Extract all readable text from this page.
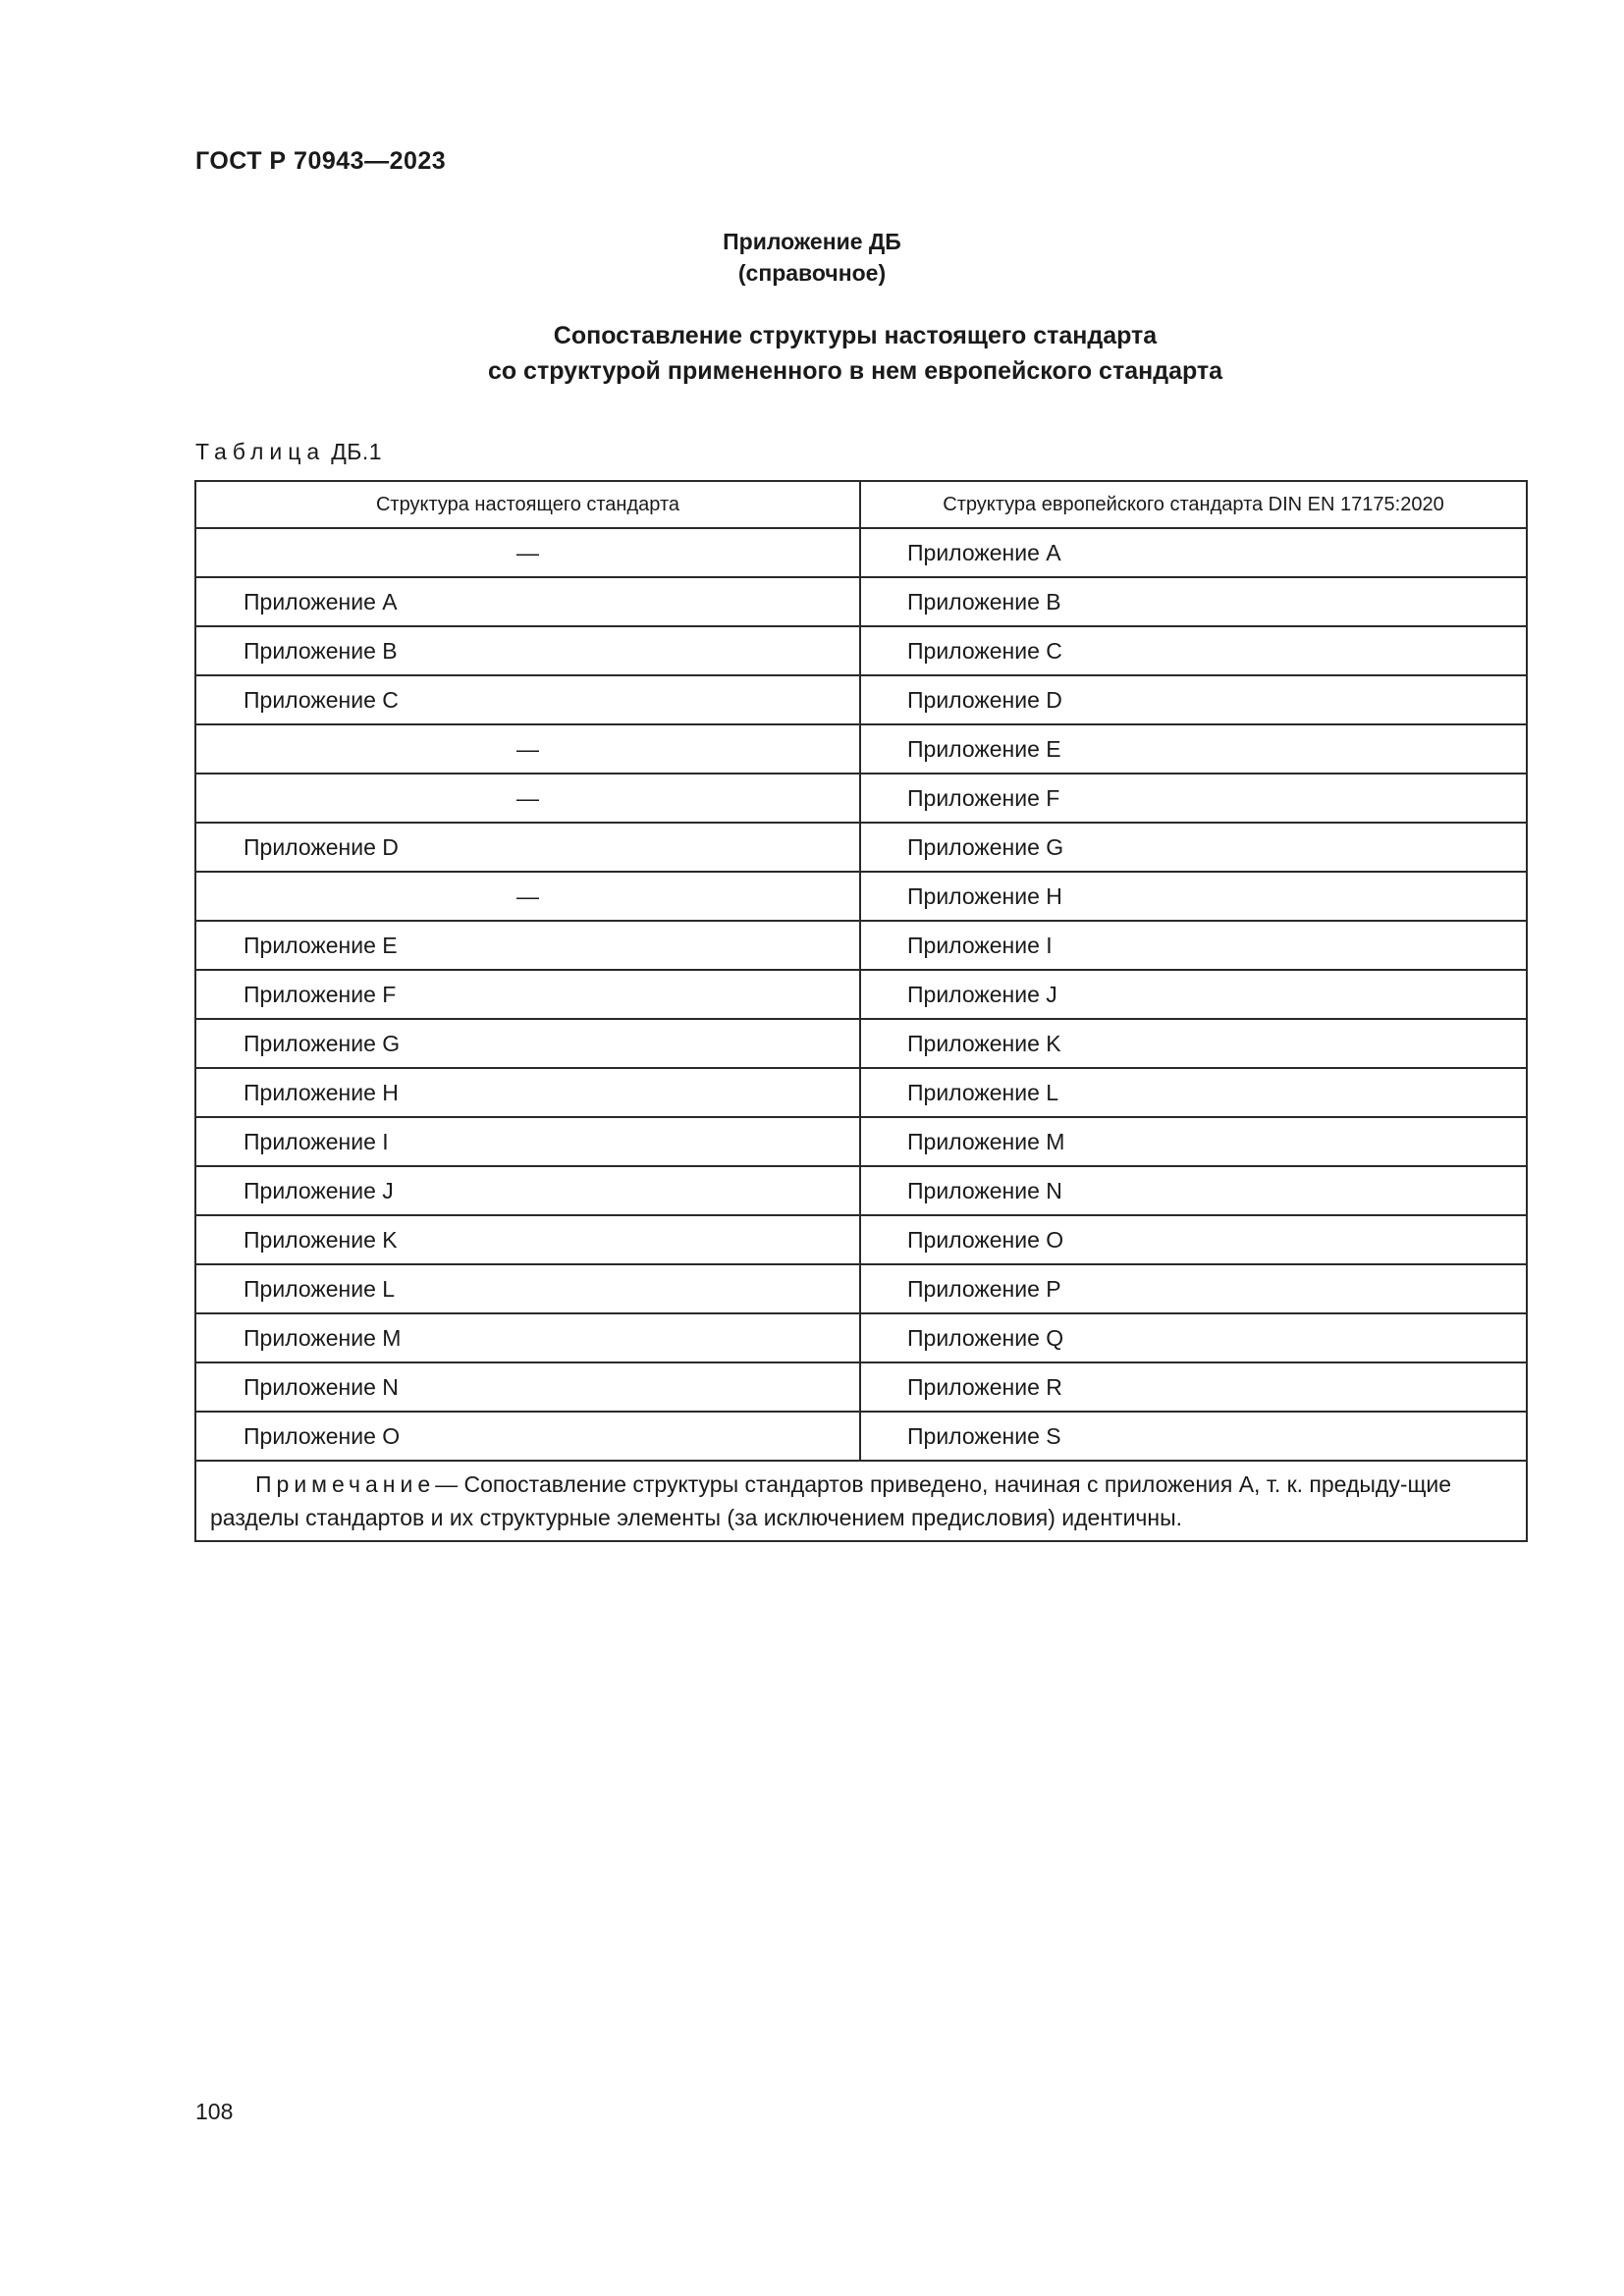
ГОСТ Р 70943—2023
Приложение ДБ
(справочное)
Сопоставление структуры настоящего стандарта
со структурой примененного в нем европейского стандарта
Таблица ДБ.1
Структура настоящего стандарта	Структура европейского стандарта DIN EN 17175:2020
—	Приложение A
Приложение А	Приложение B
Приложение B	Приложение C
Приложение C	Приложение D
—	Приложение E
—	Приложение F
Приложение D	Приложение G
—	Приложение H
Приложение E	Приложение I
Приложение F	Приложение J
Приложение G	Приложение K
Приложение H	Приложение L
Приложение I	Приложение M
Приложение J	Приложение N
Приложение K	Приложение O
Приложение L	Приложение P
Приложение M	Приложение Q
Приложение N	Приложение R
Приложение O	Приложение S
Примечание— Сопоставление структуры стандартов приведено, начиная с приложения А, т. к. предыду-щие разделы стандартов и их структурные элементы (за исключением предисловия) идентичны.	
108
